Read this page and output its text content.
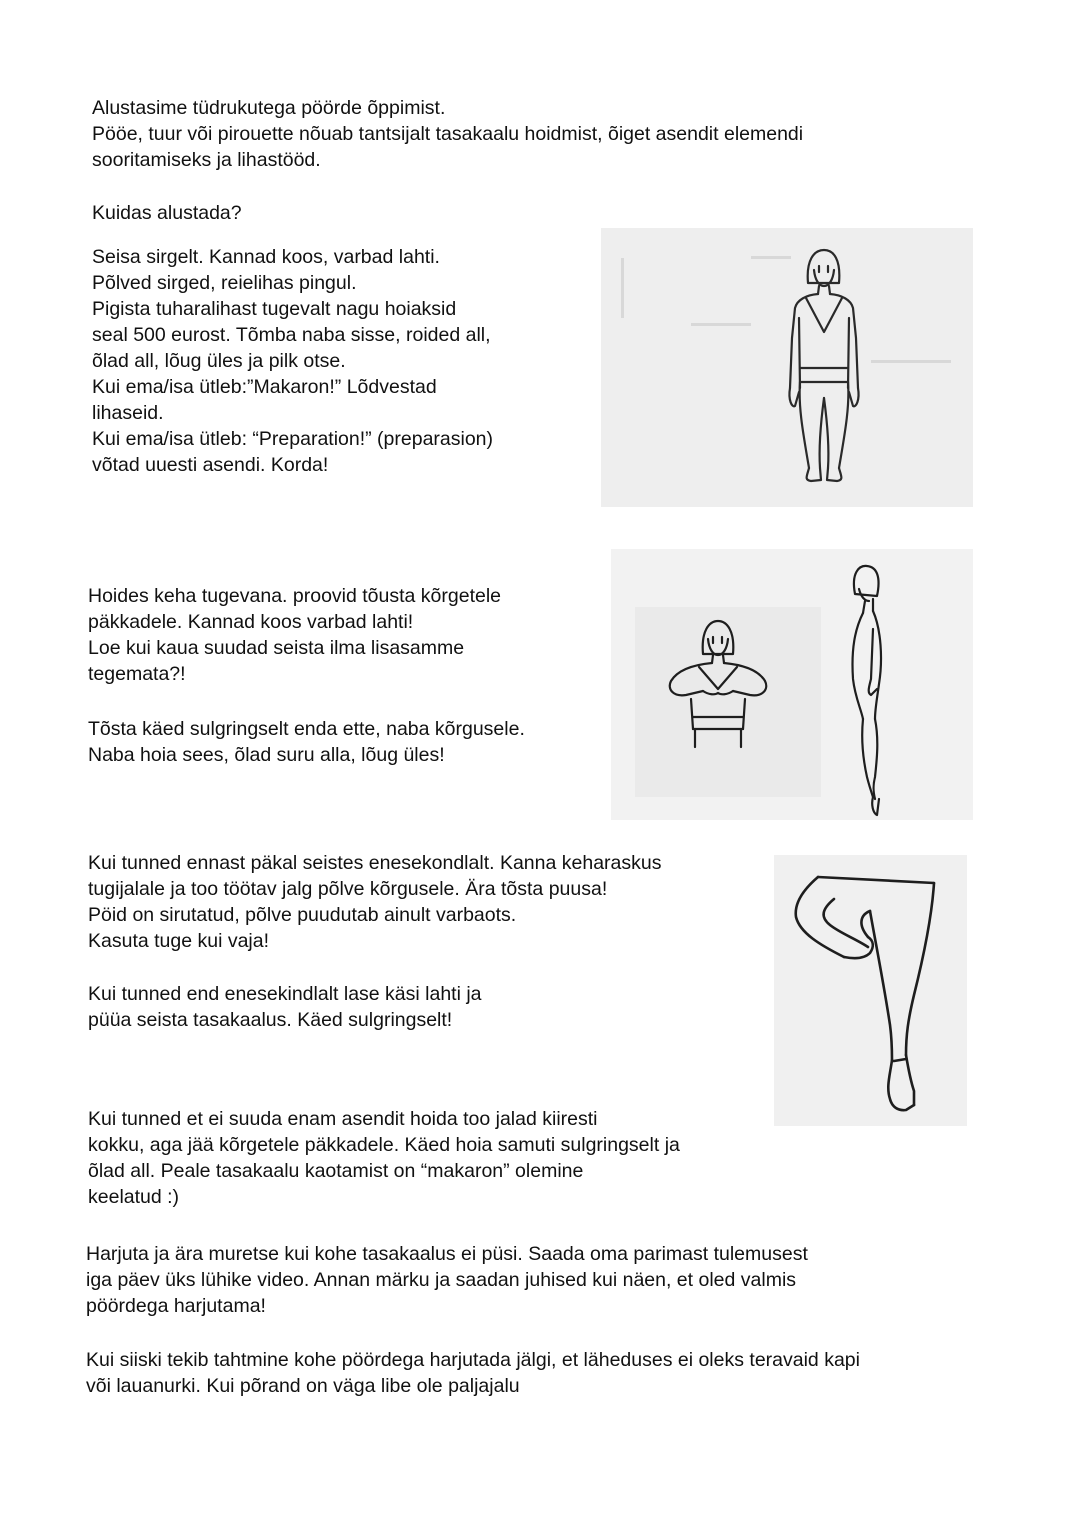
Alustasime tüdrukutega pöörde õppimist.
Pööe, tuur või pirouette nõuab tantsijalt tasakaalu hoidmist, õiget asendit elemendi
sooritamiseks ja lihastööd.
Kuidas alustada?
Seisa sirgelt. Kannad koos, varbad lahti.
Põlved sirged, reielihas pingul.
Pigista tuharalihast tugevalt nagu hoiaksid
seal 500 eurost. Tõmba naba sisse, roided all,
õlad all, lõug üles ja pilk otse.
Kui ema/isa ütleb:”Makaron!” Lõdvestad
lihaseid.
Kui ema/isa ütleb: “Preparation!” (preparasion)
võtad uuesti asendi. Korda!
Hoides keha tugevana. proovid tõusta kõrgetele
päkkadele. Kannad koos varbad lahti!
Loe kui kaua suudad seista ilma lisasamme
tegemata?!
Tõsta käed sulgringselt enda ette, naba kõrgusele.
Naba hoia sees, õlad suru alla, lõug üles!
Kui tunned ennast päkal seistes enesekondlalt. Kanna keharaskus
tugijalale ja too töötav jalg põlve kõrgusele. Ära tõsta puusa!
Pöid on sirutatud, põlve puudutab ainult varbaots.
Kasuta tuge kui vaja!
Kui tunned end enesekindlalt lase käsi lahti ja
püüa seista tasakaalus. Käed sulgringselt!
Kui tunned et ei suuda enam asendit hoida too jalad kiiresti
kokku, aga jää kõrgetele päkkadele. Käed hoia samuti sulgringselt ja
õlad all. Peale tasakaalu kaotamist on “makaron” olemine
keelatud :)
Harjuta ja ära muretse kui kohe tasakaalus ei püsi. Saada oma parimast tulemusest
iga päev üks lühike video. Annan märku ja saadan juhised kui näen, et oled valmis
pöördega harjutama!
Kui siiski tekib tahtmine kohe pöördega harjutada jälgi, et läheduses ei oleks teravaid kapi
või lauanurki. Kui põrand on väga libe ole paljajalu
